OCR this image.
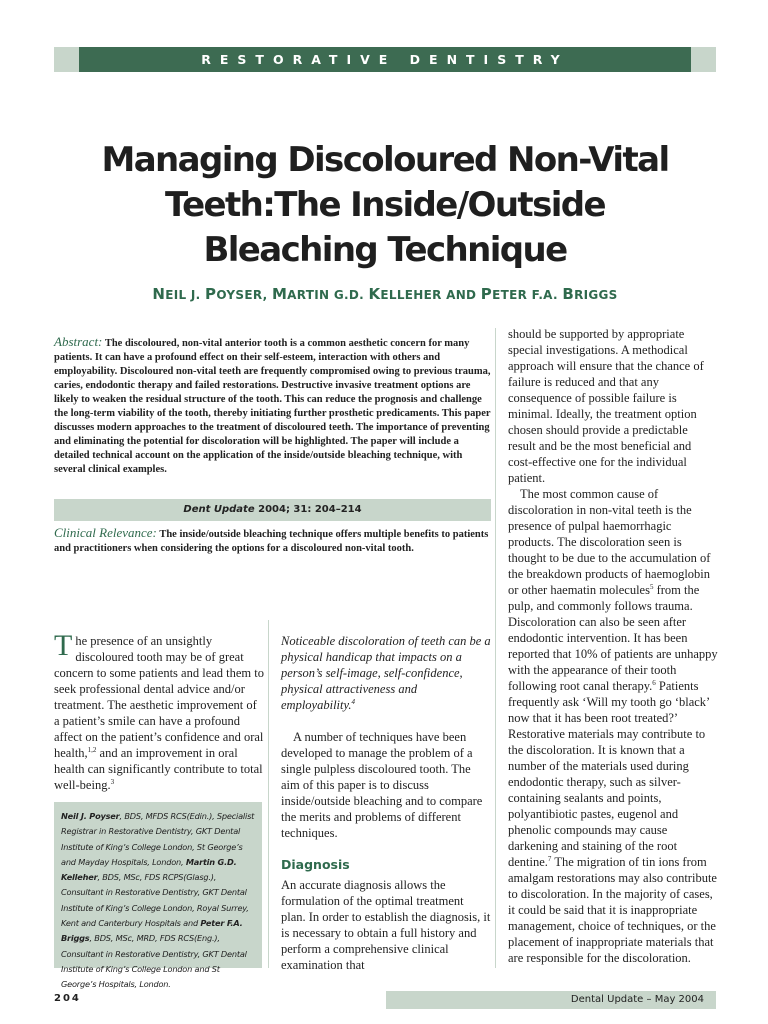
RESTORATIVE DENTISTRY
Managing Discoloured Non-Vital
Teeth:The Inside/Outside
Bleaching Technique
NEIL J. POYSER, MARTIN G.D. KELLEHER AND PETER F.A. BRIGGS
Abstract: The discoloured, non-vital anterior tooth is a common aesthetic concern for many patients. It can have a profound effect on their self-esteem, interaction with others and employability. Discoloured non-vital teeth are frequently compromised owing to previous trauma, caries, endodontic therapy and failed restorations. Destructive invasive treatment options are likely to weaken the residual structure of the tooth. This can reduce the prognosis and challenge the long-term viability of the tooth, thereby initiating further prosthetic predicaments. This paper discusses modern approaches to the treatment of discoloured teeth. The importance of preventing and eliminating the potential for discoloration will be highlighted. The paper will include a detailed technical account on the application of the inside/outside bleaching technique, with several clinical examples.
Dent Update 2004; 31: 204–214
Clinical Relevance: The inside/outside bleaching technique offers multiple benefits to patients and practitioners when considering the options for a discoloured non-vital tooth.
The presence of an unsightly discoloured tooth may be of great concern to some patients and lead them to seek professional dental advice and/or treatment. The aesthetic improvement of a patient’s smile can have a profound affect on the patient’s confidence and oral health,$^{1,2}$ and an improvement in oral health can significantly contribute to total well-being.$^3$
Neil J. Poyser, BDS, MFDS RCS(Edin.), Specialist Registrar in Restorative Dentistry, GKT Dental Institute of King’s College London, St George’s and Mayday Hospitals, London, Martin G.D. Kelleher, BDS, MSc, FDS RCPS(Glasg.), Consultant in Restorative Dentistry, GKT Dental Institute of King’s College London, Royal Surrey, Kent and Canterbury Hospitals and Peter F.A. Briggs, BDS, MSc, MRD, FDS RCS(Eng.), Consultant in Restorative Dentistry, GKT Dental Institute of King’s College London and St George’s Hospitals, London.
Noticeable discoloration of teeth can be a physical handicap that impacts on a person’s self-image, self-confidence, physical attractiveness and employability.$^4$
A number of techniques have been developed to manage the problem of a single pulpless discoloured tooth. The aim of this paper is to discuss inside/outside bleaching and to compare the merits and problems of different techniques.
Diagnosis
An accurate diagnosis allows the formulation of the optimal treatment plan. In order to establish the diagnosis, it is necessary to obtain a full history and perform a comprehensive clinical examination that
should be supported by appropriate special investigations. A methodical approach will ensure that the chance of failure is reduced and that any consequence of possible failure is minimal. Ideally, the treatment option chosen should provide a predictable result and be the most beneficial and cost-effective one for the individual patient.
The most common cause of discoloration in non-vital teeth is the presence of pulpal haemorrhagic products. The discoloration seen is thought to be due to the accumulation of the breakdown products of haemoglobin or other haematin molecules$^5$ from the pulp, and commonly follows trauma. Discoloration can also be seen after endodontic intervention. It has been reported that 10% of patients are unhappy with the appearance of their tooth following root canal therapy.$^6$ Patients frequently ask ‘Will my tooth go ‘black’ now that it has been root treated?’ Restorative materials may contribute to the discoloration. It is known that a number of the materials used during endodontic therapy, such as silver-containing sealants and points, polyantibiotic pastes, eugenol and phenolic compounds may cause darkening and staining of the root dentine.$^7$ The migration of tin ions from amalgam restorations may also contribute to discoloration. In the majority of cases, it could be said that it is inappropriate management, choice of techniques, or the placement of inappropriate materials that are responsible for the discoloration.
204	Dental Update – May 2004
